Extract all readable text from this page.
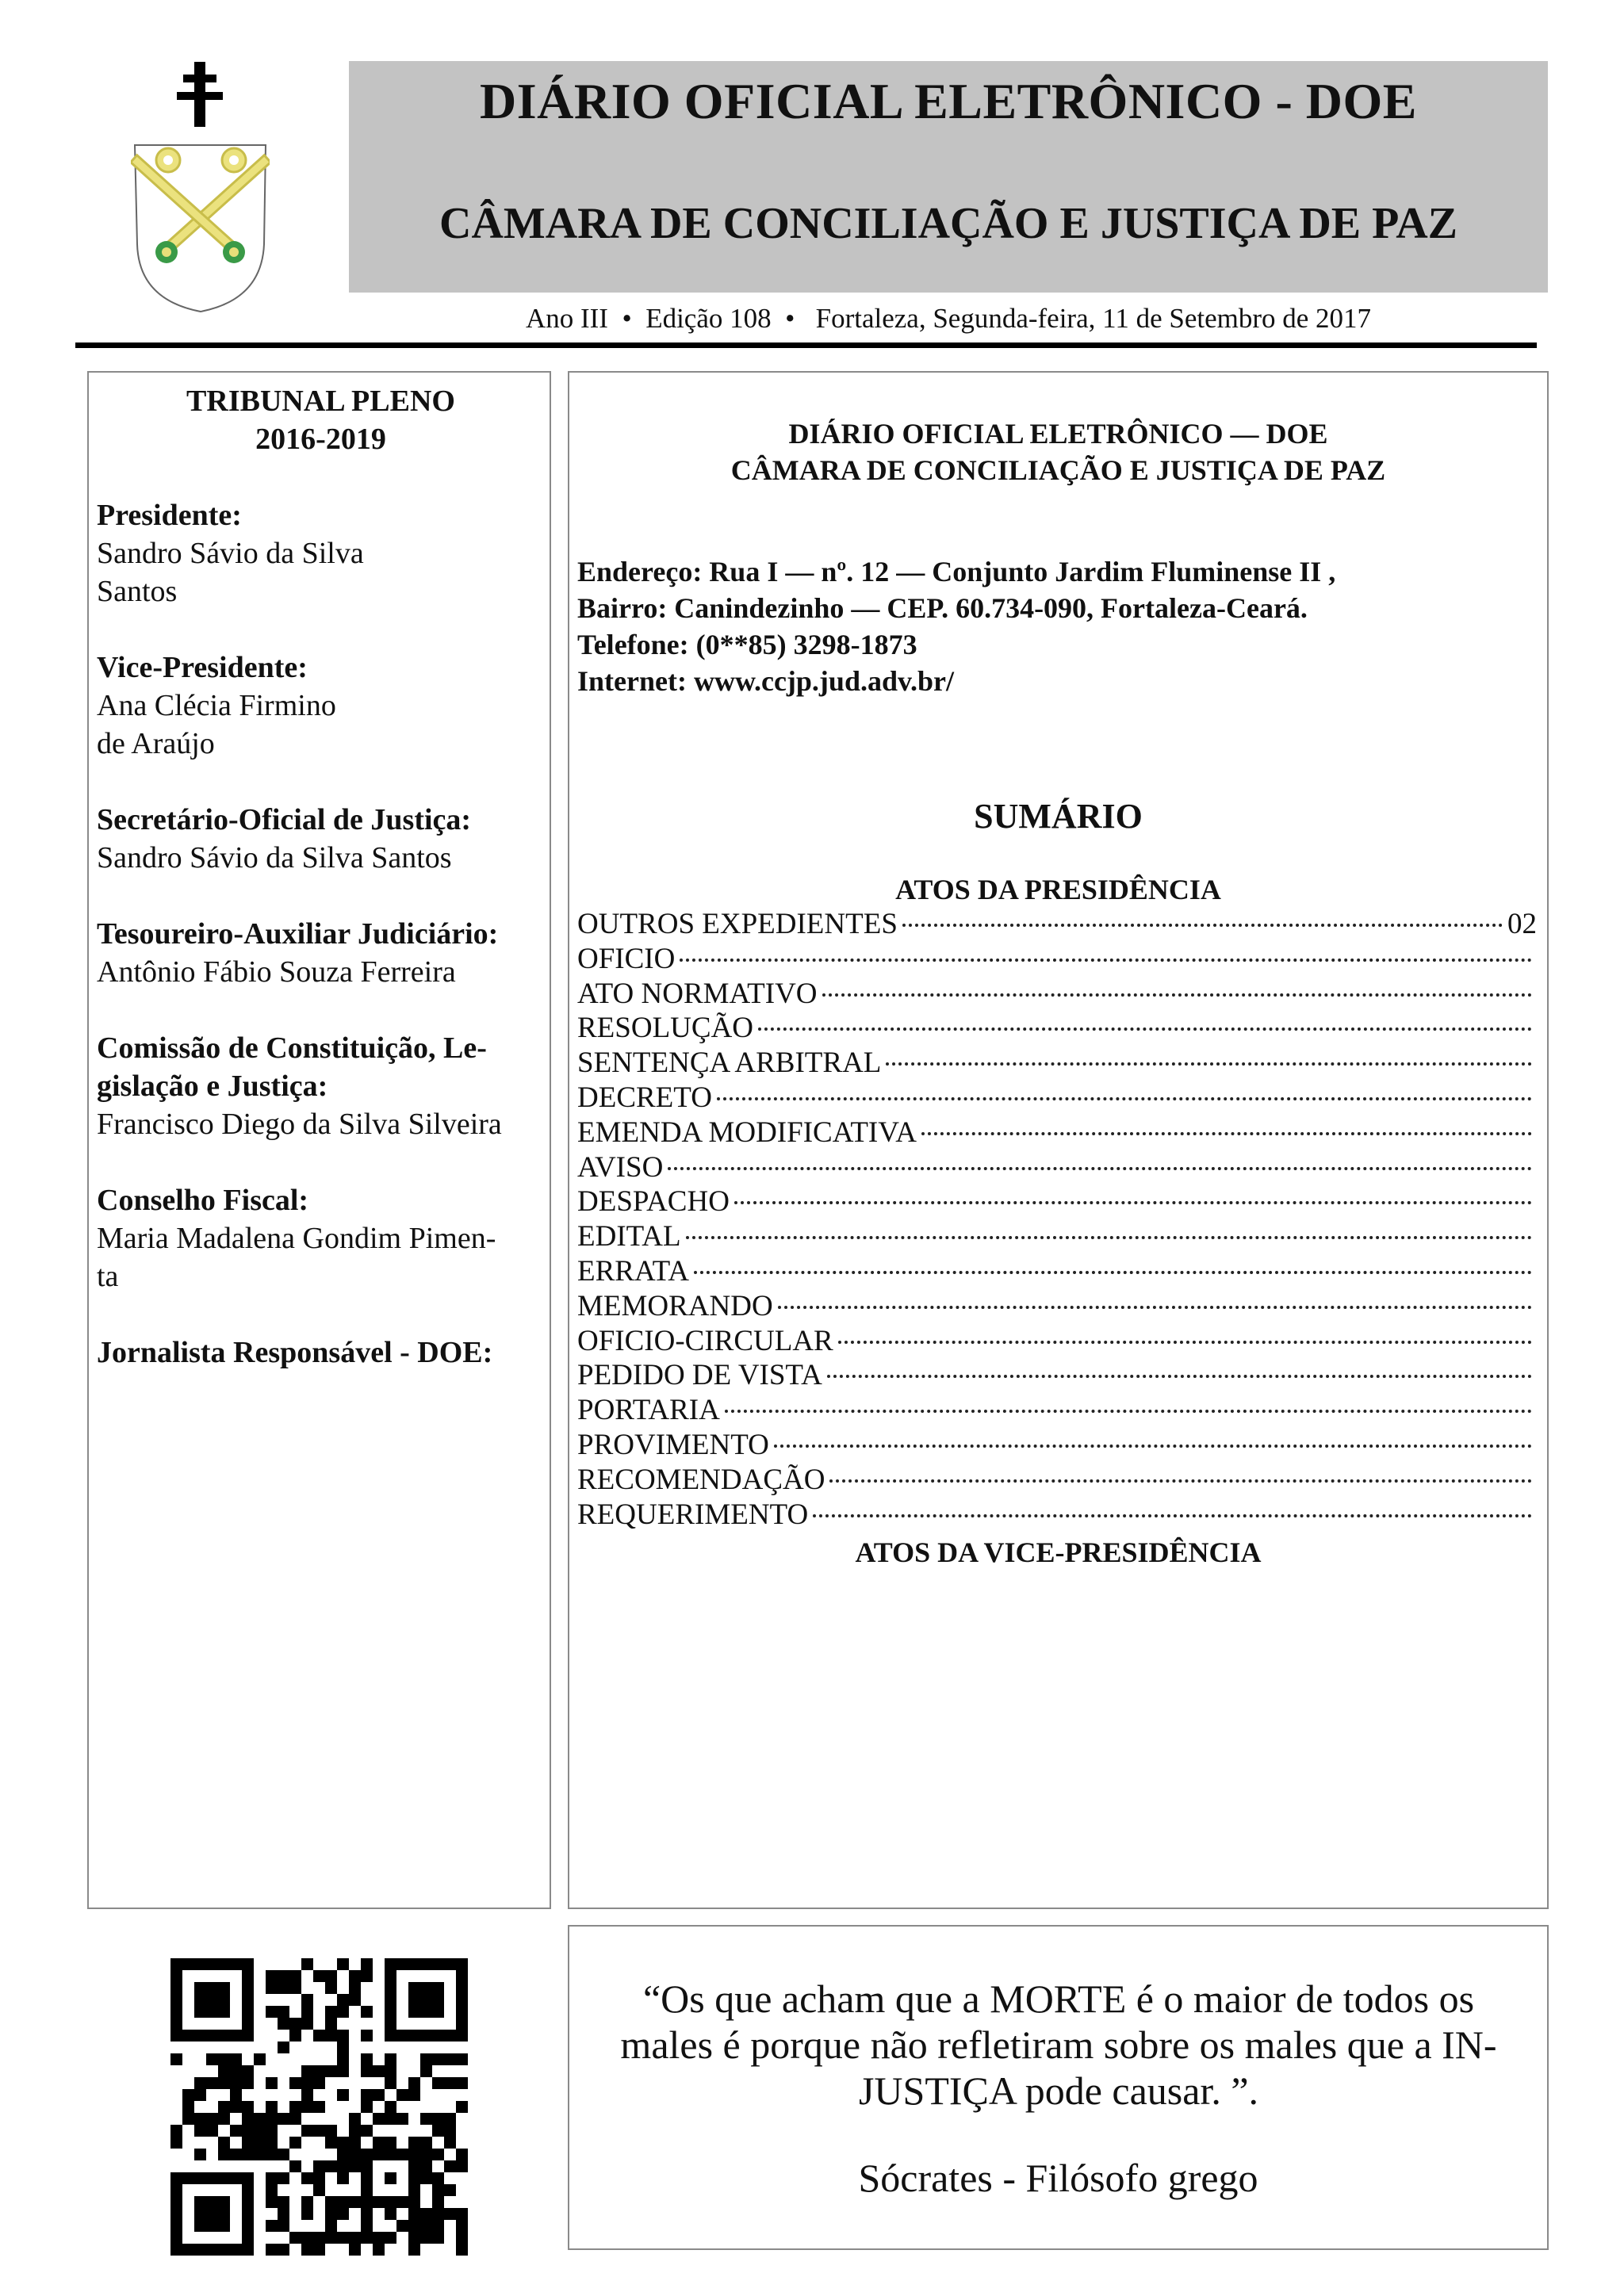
DIÁRIO OFICIAL ELETRÔNICO - DOE
CÂMARA DE CONCILIAÇÃO E JUSTIÇA DE PAZ
Ano III  •  Edição 108  •   Fortaleza, Segunda-feira, 11 de Setembro de 2017
TRIBUNAL PLENO
2016-2019
Presidente:
Sandro Sávio da Silva
Santos
Vice-Presidente:
Ana Clécia Firmino
de Araújo
Secretário-Oficial de Justiça:
Sandro Sávio da Silva Santos
Tesoureiro-Auxiliar Judiciário:
Antônio Fábio Souza Ferreira
Comissão de Constituição, Le-
gislação e Justiça:
Francisco Diego da Silva Silveira
Conselho Fiscal:
Maria Madalena Gondim Pimen-
ta
Jornalista Responsável - DOE:
DIÁRIO OFICIAL ELETRÔNICO — DOE
CÂMARA DE CONCILIAÇÃO E JUSTIÇA DE PAZ
Endereço: Rua I — nº. 12 — Conjunto Jardim Fluminense II ,
Bairro: Canindezinho — CEP. 60.734-090, Fortaleza-Ceará.
Telefone: (0**85) 3298-1873
Internet: www.ccjp.jud.adv.br/
SUMÁRIO
ATOS DA PRESIDÊNCIA
OUTROS EXPEDIENTES	02
OFICIO
ATO NORMATIVO
RESOLUÇÃO
SENTENÇA ARBITRAL
DECRETO
EMENDA MODIFICATIVA
AVISO
DESPACHO
EDITAL
ERRATA
MEMORANDO
OFICIO-CIRCULAR
PEDIDO DE VISTA
PORTARIA
PROVIMENTO
RECOMENDAÇÃO
REQUERIMENTO
ATOS DA VICE-PRESIDÊNCIA
“Os que acham que a MORTE é o maior de todos os
males é porque não refletiram sobre os males que a IN-
JUSTIÇA pode causar. ”.
Sócrates - Filósofo grego
